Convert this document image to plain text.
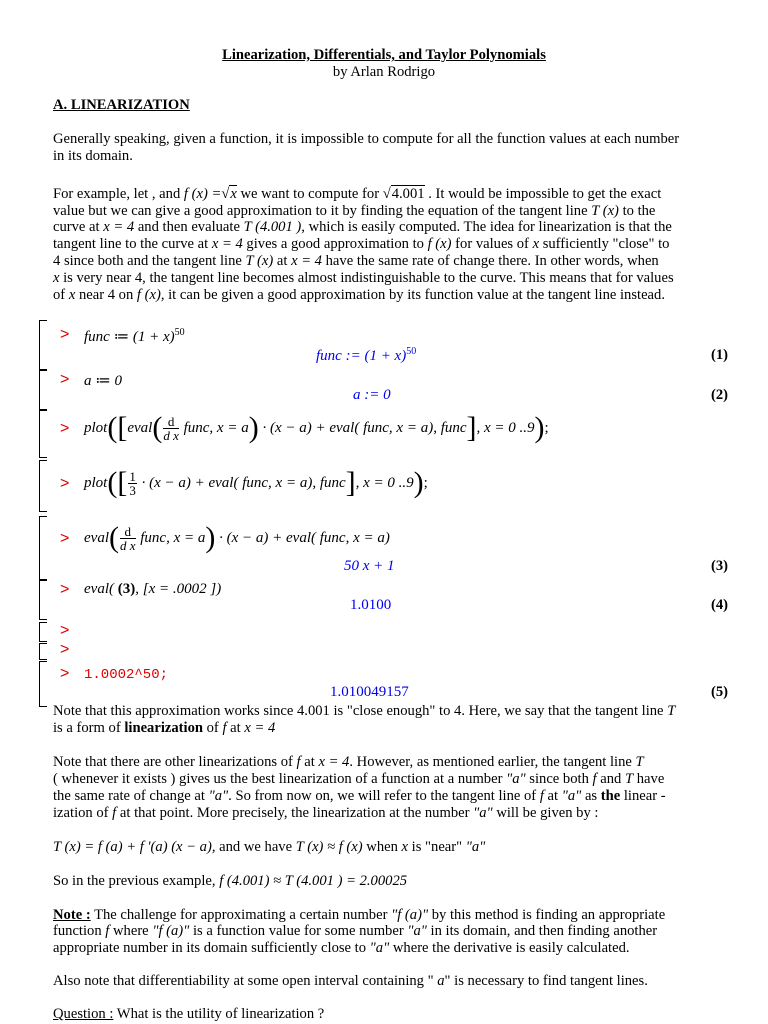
Linearization, Differentials, and Taylor Polynomials
by Arlan Rodrigo
A. LINEARIZATION
Generally speaking, given a function, it is impossible to compute for all the function values at each number
in its domain.
For example, let , and f (x) =√x we want to compute for √4.001 . It would be impossible to get the exact
value but we can give a good approximation to it by finding the equation of the tangent line T (x) to the
curve at x = 4 and then evaluate T (4.001 ), which is easily computed. The idea for linearization is that the
tangent line to the curve at x = 4 gives a good approximation to f (x) for values of x sufficiently "close" to
4 since both and the tangent line T (x) at x = 4 have the same rate of change there. In other words, when
x is very near 4, the tangent line becomes almost indistinguishable to the curve. This means that for values
of x near 4 on f (x), it can be given a good approximation by its function value at the tangent line instead.
> func ≔ $(1 + x)^{50}$
func := $(1 + x)^{50}$	(1)
> a ≔ 0
a := 0	(2)
> plot([eval( $\frac{d}{\text{d x}}$ func, x = a) · (x − a) + eval( func, x = a), func], x = 0 ..9);
> plot([ $\frac{1}{3} \cdot (x - a)$ + eval( func, x = a), func], x = 0 ..9);
> eval( $\frac{d}{\text{d x}}$ func, x = a) · (x − a) + eval( func, x = a)
50 x + 1	(3)
> eval( (3), [x = .0002 ])
1.0100	(4)
>
>
> 1.0002^50;
1.010049157	(5)
Note that this approximation works since 4.001 is "close enough" to 4. Here, we say that the tangent line T
is a form of linearization of f at x = 4
Note that there are other linearizations of f at x = 4. However, as mentioned earlier, the tangent line T
( whenever it exists ) gives us the best linearization of a function at a number "a" since both f and T have
the same rate of change at "a". So from now on, we will refer to the tangent line of f at "a" as the linear -
ization of f at that point. More precisely, the linearization at the number "a" will be given by :
T (x) = f (a) + f '(a) (x − a), and we have T (x) ≈ f (x) when x is "near" "a"
So in the previous example, f (4.001) ≈ T (4.001 ) = 2.00025
Note : The challenge for approximating a certain number "f (a)" by this method is finding an appropriate
function f where "f (a)" is a function value for some number "a" in its domain, and then finding another
appropriate number in its domain sufficiently close to "a" where the derivative is easily calculated.
Also note that differentiability at some open interval containing " a" is necessary to find tangent lines.
Question : What is the utility of linearization ?
